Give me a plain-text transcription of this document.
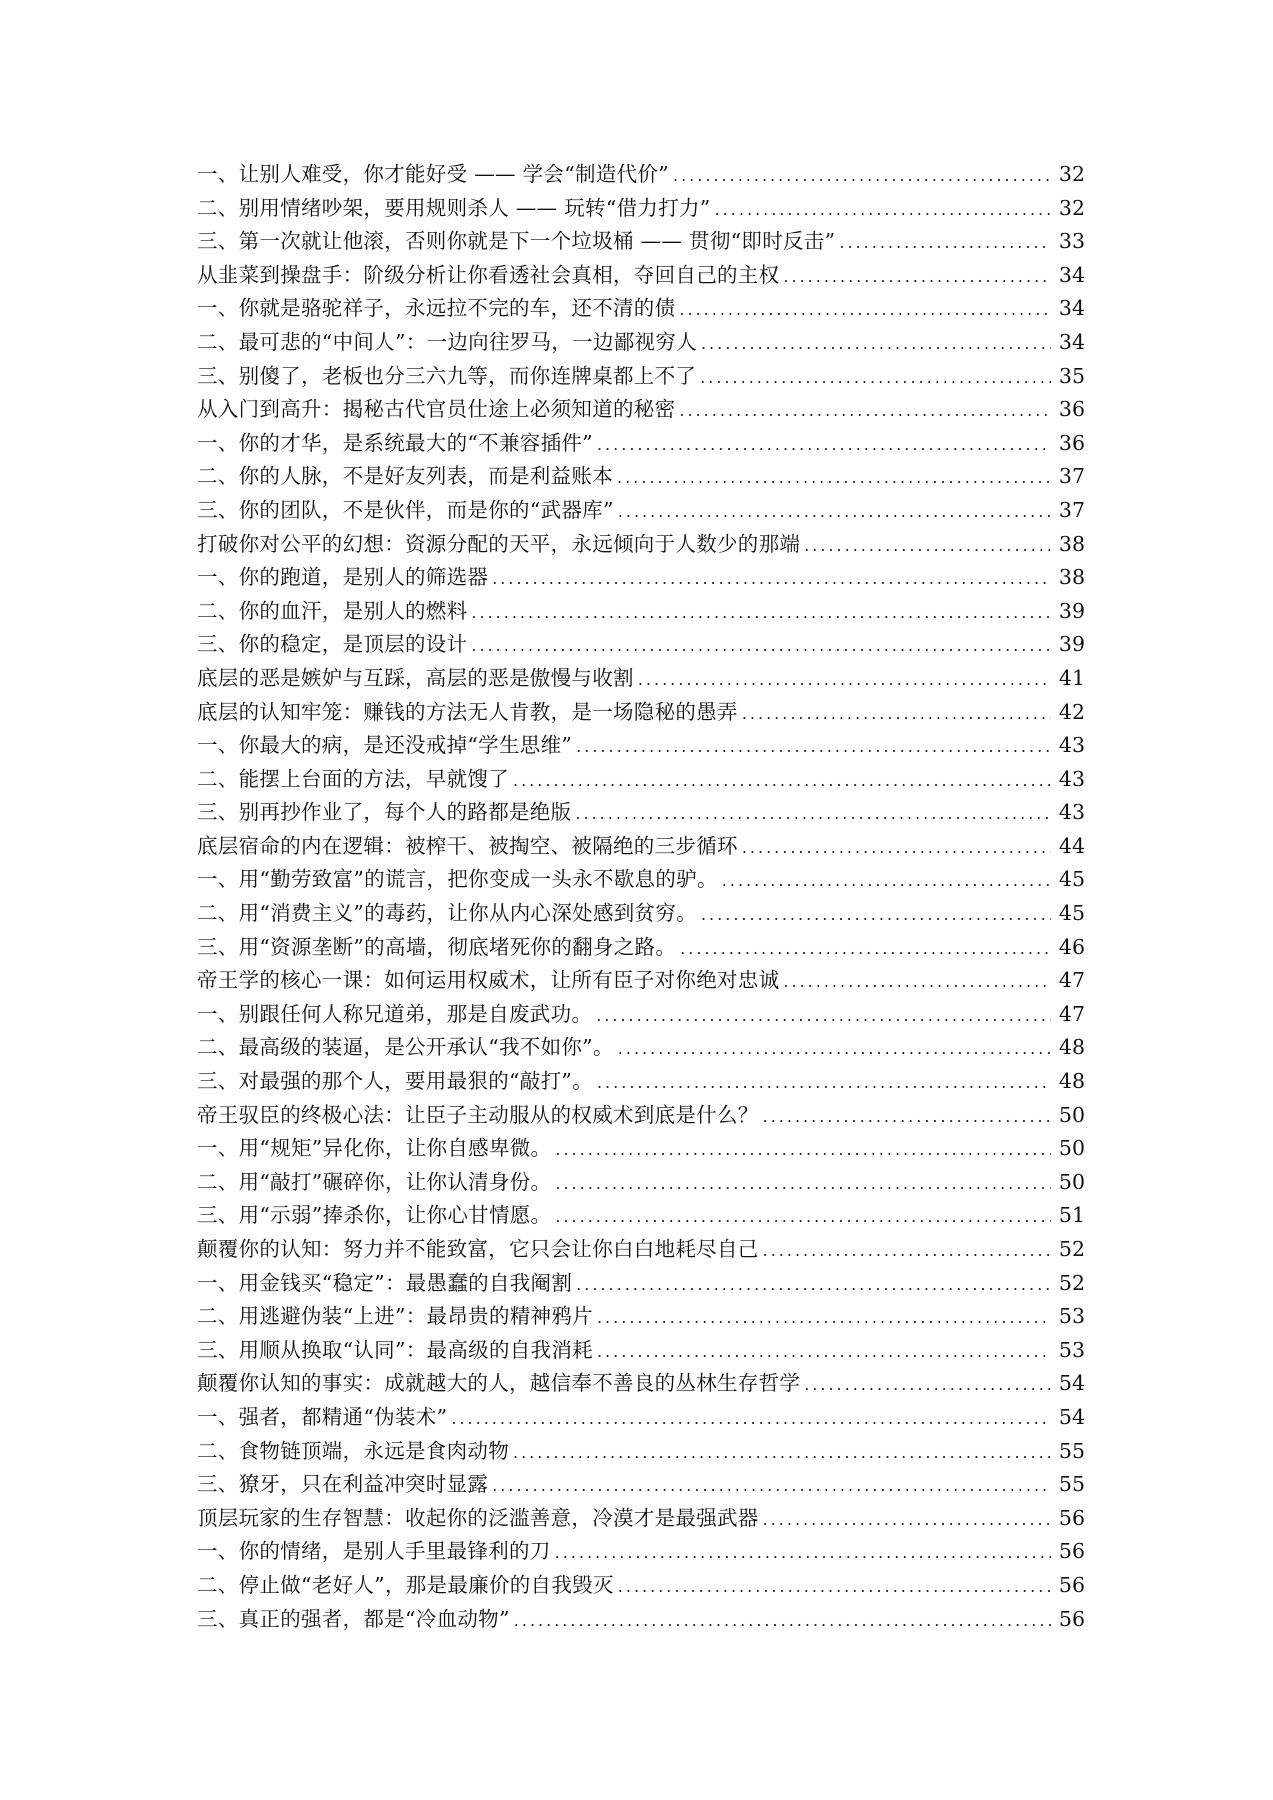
一、让别人难受，你才能好受 —— 学会“制造代价” .....	32
二、别用情绪吵架，要用规则杀人 —— 玩转“借力打力” .....	32
三、第一次就让他滚，否则你就是下一个垃圾桶 —— 贯彻“即时反击” .....	33
从韭菜到操盘手：阶级分析让你看透社会真相，夺回自己的主权 .....	34
一、你就是骆驼祥子，永远拉不完的车，还不清的债 .....	34
二、最可悲的“中间人”：一边向往罗马，一边鄙视穷人 .....	34
三、别傻了，老板也分三六九等，而你连牌桌都上不了 .....	35
从入门到高升：揭秘古代官员仕途上必须知道的秘密 .....	36
一、你的才华，是系统最大的“不兼容插件” .....	36
二、你的人脉，不是好友列表，而是利益账本 .....	37
三、你的团队，不是伙伴，而是你的“武器库” .....	37
打破你对公平的幻想：资源分配的天平，永远倾向于人数少的那端 .....	38
一、你的跑道，是别人的筛选器 .....	38
二、你的血汗，是别人的燃料 .....	39
三、你的稳定，是顶层的设计 .....	39
底层的恶是嫉妒与互踩，高层的恶是傲慢与收割 .....	41
底层的认知牢笼：赚钱的方法无人肯教，是一场隐秘的愚弄 .....	42
一、你最大的病，是还没戒掉“学生思维” .....	43
二、能摆上台面的方法，早就馊了 .....	43
三、别再抄作业了，每个人的路都是绝版 .....	43
底层宿命的内在逻辑：被榨干、被掏空、被隔绝的三步循环 .....	44
一、用“勤劳致富”的谎言，把你变成一头永不歇息的驴。 .....	45
二、用“消费主义”的毒药，让你从内心深处感到贫穷。 .....	45
三、用“资源垄断”的高墙，彻底堵死你的翻身之路。 .....	46
帝王学的核心一课：如何运用权威术，让所有臣子对你绝对忠诚 .....	47
一、别跟任何人称兄道弟，那是自废武功。 .....	47
二、最高级的装逼，是公开承认“我不如你”。 .....	48
三、对最强的那个人，要用最狠的“敲打”。 .....	48
帝王驭臣的终极心法：让臣子主动服从的权威术到底是什么？ .....	50
一、用“规矩”异化你，让你自感卑微。 .....	50
二、用“敲打”碾碎你，让你认清身份。 .....	50
三、用“示弱”捧杀你，让你心甘情愿。 .....	51
颠覆你的认知：努力并不能致富，它只会让你白白地耗尽自己 .....	52
一、用金钱买“稳定”：最愚蠢的自我阉割 .....	52
二、用逃避伪装“上进”：最昂贵的精神鸦片 .....	53
三、用顺从换取“认同”：最高级的自我消耗 .....	53
颠覆你认知的事实：成就越大的人，越信奉不善良的丛林生存哲学 .....	54
一、强者，都精通“伪装术” .....	54
二、食物链顶端，永远是食肉动物 .....	55
三、獠牙，只在利益冲突时显露 .....	55
顶层玩家的生存智慧：收起你的泛滥善意，冷漠才是最强武器 .....	56
一、你的情绪，是别人手里最锋利的刀 .....	56
二、停止做“老好人”，那是最廉价的自我毁灭 .....	56
三、真正的强者，都是“冷血动物” .....	56
